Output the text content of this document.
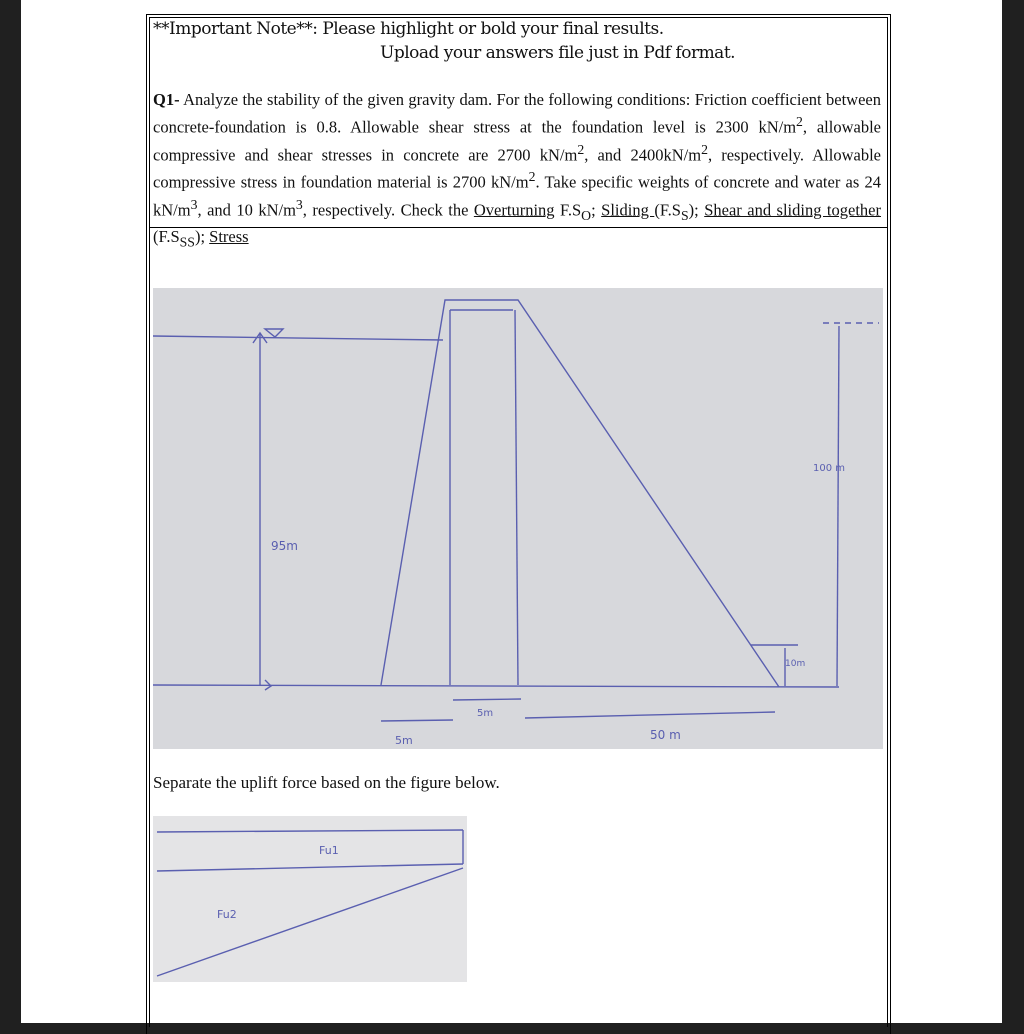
**Important Note**: Please highlight or bold your final results.
Upload your answers file just in Pdf format.
Q1- Analyze the stability of the given gravity dam. For the following conditions: Friction coefficient between concrete-foundation is 0.8. Allowable shear stress at the foundation level is 2300 $kN/m^2$, allowable compressive and shear stresses in concrete are 2700 $kN/m^2$, and $2400kN/m^2$, respectively. Allowable compressive stress in foundation material is 2700 $kN/m^2$. Take specific weights of concrete and water as 24 $kN/m^3$, and 10 $kN/m^3$, respectively. Check the Overturning $F.S_O$; Sliding $(F.S_S)$; Shear and sliding together $(F.S_{SS})$; Stress
95m
5m
5m
50 m
10m
100 m
Separate the uplift force based on the figure below.
Fu1
Fu2
